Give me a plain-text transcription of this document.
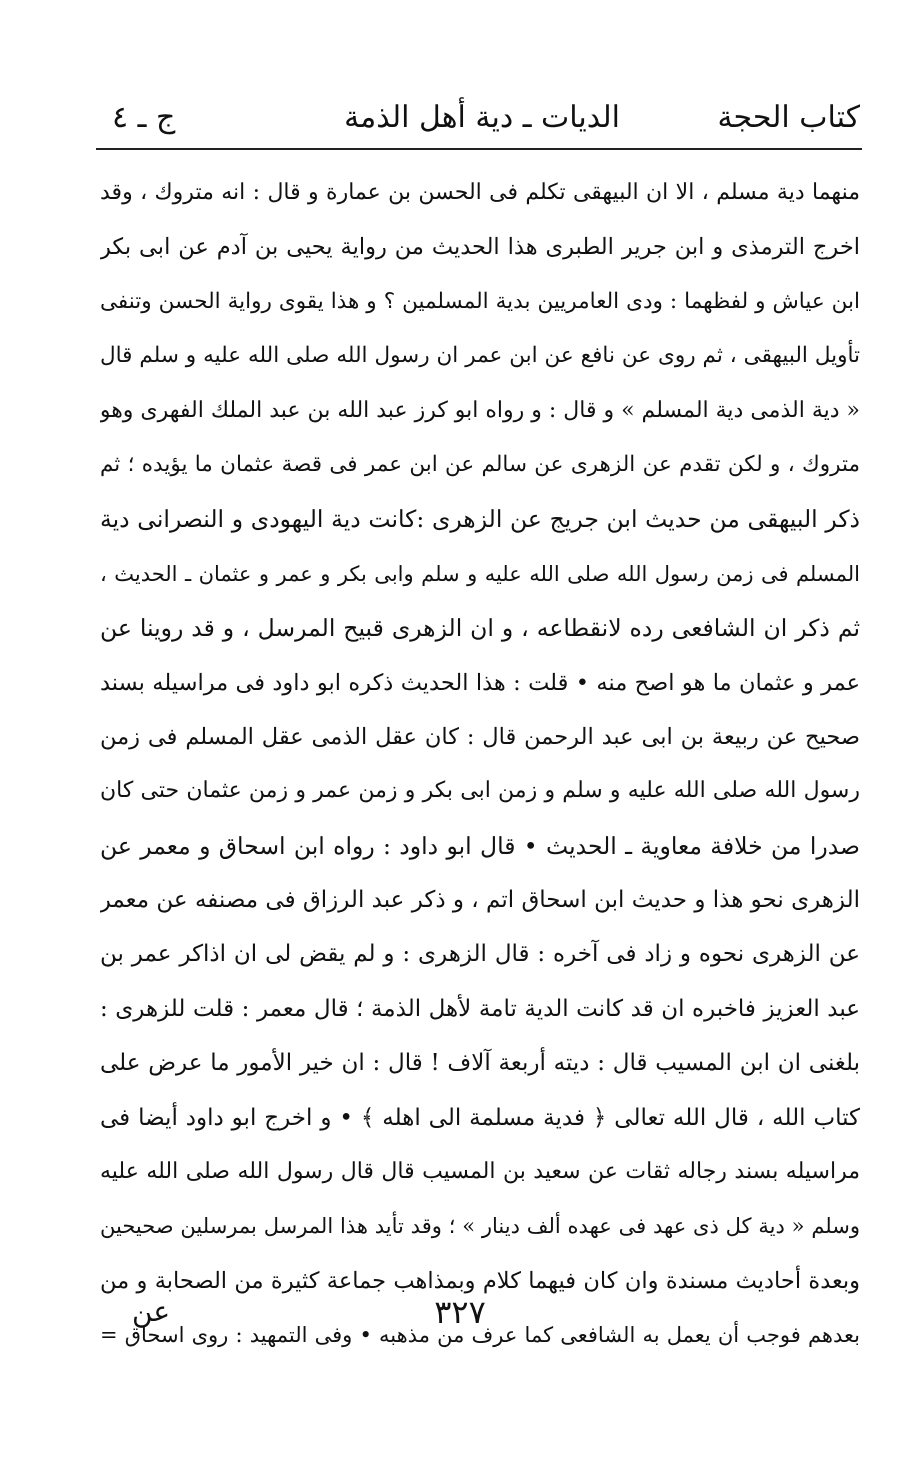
كتاب الحجة
الديات ـ دية أهل الذمة
ج ـ ٤
منهما دية مسلم ، الا ان البيهقى تكلم فى الحسن بن عمارة و قال : انه متروك ، وقد
اخرج الترمذى و ابن جرير الطبرى هذا الحديث من رواية يحيى بن آدم عن ابى بكر
ابن عياش و لفظهما : ودى العامريين بدية المسلمين ؟ و هذا يقوى رواية الحسن وتنفى
تأويل البيهقى ، ثم روى عن نافع عن ابن عمر ان رسول الله صلى الله عليه و سلم قال
« دية الذمى دية المسلم » و قال : و رواه ابو كرز عبد الله بن عبد الملك الفهرى وهو
متروك ، و لكن تقدم عن الزهرى عن سالم عن ابن عمر فى قصة عثمان ما يؤيده ؛ ثم
ذكر البيهقى من حديث ابن جريج عن الزهرى :كانت دية اليهودى و النصرانى دية
المسلم فى زمن رسول الله صلى الله عليه و سلم وابى بكر و عمر و عثمان ـ الحديث ،
ثم ذكر ان الشافعى رده لانقطاعه ، و ان الزهرى قبيح المرسل ، و قد روينا عن
عمر و عثمان ما هو اصح منه • قلت : هذا الحديث ذكره ابو داود فى مراسيله بسند
صحيح عن ربيعة بن ابى عبد الرحمن قال : كان عقل الذمى عقل المسلم فى زمن
رسول الله صلى الله عليه و سلم و زمن ابى بكر و زمن عمر و زمن عثمان حتى كان
صدرا من خلافة معاوية ـ الحديث • قال ابو داود : رواه ابن اسحاق و معمر عن
الزهرى نحو هذا و حديث ابن اسحاق اتم ، و ذكر عبد الرزاق فى مصنفه عن معمر
عن الزهرى نحوه و زاد فى آخره : قال الزهرى : و لم يقض لى ان اذاكر عمر بن
عبد العزيز فاخبره ان قد كانت الدية تامة لأهل الذمة ؛ قال معمر : قلت للزهرى :
بلغنى ان ابن المسيب قال : ديته أربعة آلاف ! قال : ان خير الأمور ما عرض على
كتاب الله ، قال الله تعالى ﴿ فدية مسلمة الى اهله ﴾ • و اخرج ابو داود أيضا فى
مراسيله بسند رجاله ثقات عن سعيد بن المسيب قال قال رسول الله صلى الله عليه
وسلم « دية كل ذى عهد فى عهده ألف دينار » ؛ وقد تأيد هذا المرسل بمرسلين صحيحين
وبعدة أحاديث مسندة وان كان فيهما كلام وبمذاهب جماعة كثيرة من الصحابة و من
بعدهم فوجب أن يعمل به الشافعى كما عرف من مذهبه • وفى التمهيد : روى اسحاق =
٣٢٧
عن
